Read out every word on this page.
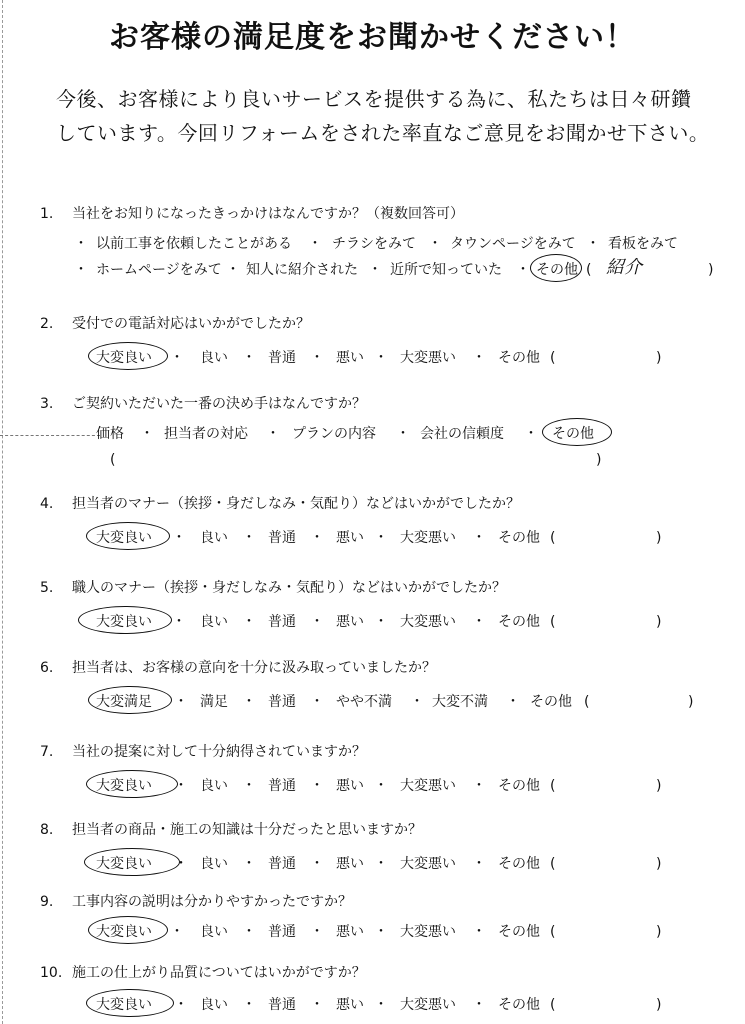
お客様の満足度をお聞かせください！
今後、お客様により良いサービスを提供する為に、私たちは日々研鑽
しています。今回リフォームをされた率直なご意見をお聞かせ下さい。
1. 当社をお知りになったきっかけはなんですか？（複数回答可）
・ 以前工事を依頼したことがある ・ チラシをみて ・ タウンページをみて ・ 看板をみて
・ ホームページをみて ・ 知人に紹介された ・ 近所で知っていた ・ その他 ( 紹介	)
2. 受付での電話対応はいかがでしたか？
大変良い ・ 良い ・ 普通 ・ 悪い ・ 大変悪い ・ その他 (	)
3. ご契約いただいた一番の決め手はなんですか？
価格 ・ 担当者の対応 ・ プランの内容 ・ 会社の信頼度 ・ その他
(	)
4. 担当者のマナー（挨拶・身だしなみ・気配り）などはいかがでしたか？
大変良い ・ 良い ・ 普通 ・ 悪い ・ 大変悪い ・ その他 (	)
5. 職人のマナー（挨拶・身だしなみ・気配り）などはいかがでしたか？
大変良い ・ 良い ・ 普通 ・ 悪い ・ 大変悪い ・ その他 (	)
6. 担当者は、お客様の意向を十分に汲み取っていましたか？
大変満足 ・ 満足 ・ 普通 ・ やや不満 ・ 大変不満 ・ その他 (	)
7. 当社の提案に対して十分納得されていますか？
大変良い ・ 良い ・ 普通 ・ 悪い ・ 大変悪い ・ その他 (	)
8. 担当者の商品・施工の知識は十分だったと思いますか？
大変良い ・ 良い ・ 普通 ・ 悪い ・ 大変悪い ・ その他 (	)
9. 工事内容の説明は分かりやすかったですか？
大変良い ・ 良い ・ 普通 ・ 悪い ・ 大変悪い ・ その他 (	)
10. 施工の仕上がり品質についてはいかがですか？
大変良い ・ 良い ・ 普通 ・ 悪い ・ 大変悪い ・ その他 (	)
